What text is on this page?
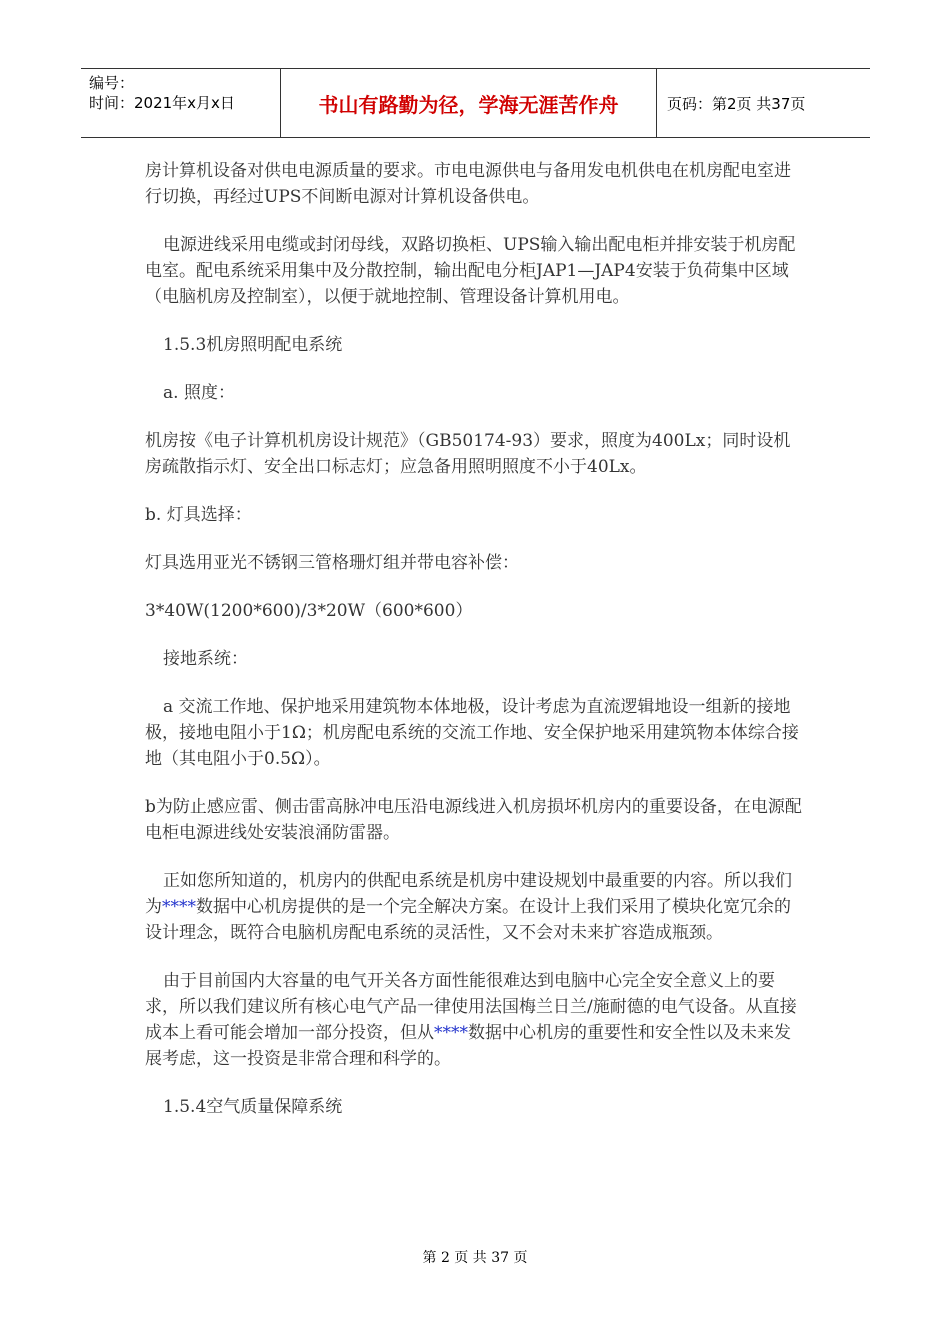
编号：
时间：2021年x月x日	书山有路勤为径，学海无涯苦作舟	页码：第2页 共37页

房计算机设备对供电电源质量的要求。市电电源供电与备用发电机供电在机房配电室进行切换，再经过UPS不间断电源对计算机设备供电。

电源进线采用电缆或封闭母线，双路切换柜、UPS输入输出配电柜并排安装于机房配电室。配电系统采用集中及分散控制，输出配电分柜JAP1—JAP4安装于负荷集中区域（电脑机房及控制室），以便于就地控制、管理设备计算机用电。

1.5.3机房照明配电系统

a. 照度：

机房按《电子计算机机房设计规范》（GB50174-93）要求，照度为400Lx；同时设机房疏散指示灯、安全出口标志灯；应急备用照明照度不小于40Lx。

b. 灯具选择：

灯具选用亚光不锈钢三管格珊灯组并带电容补偿：

3*40W(1200*600)/3*20W（600*600）

接地系统：

a 交流工作地、保护地采用建筑物本体地极，设计考虑为直流逻辑地设一组新的接地极，接地电阻小于1Ω；机房配电系统的交流工作地、安全保护地采用建筑物本体综合接地（其电阻小于0.5Ω）。

b为防止感应雷、侧击雷高脉冲电压沿电源线进入机房损坏机房内的重要设备，在电源配电柜电源进线处安装浪涌防雷器。

正如您所知道的，机房内的供配电系统是机房中建设规划中最重要的内容。所以我们为****数据中心机房提供的是一个完全解决方案。在设计上我们采用了模块化宽冗余的设计理念，既符合电脑机房配电系统的灵活性，又不会对未来扩容造成瓶颈。

由于目前国内大容量的电气开关各方面性能很难达到电脑中心完全安全意义上的要求，所以我们建议所有核心电气产品一律使用法国梅兰日兰/施耐德的电气设备。从直接成本上看可能会增加一部分投资，但从****数据中心机房的重要性和安全性以及未来发展考虑，这一投资是非常合理和科学的。

1.5.4空气质量保障系统

第 2 页 共 37 页
